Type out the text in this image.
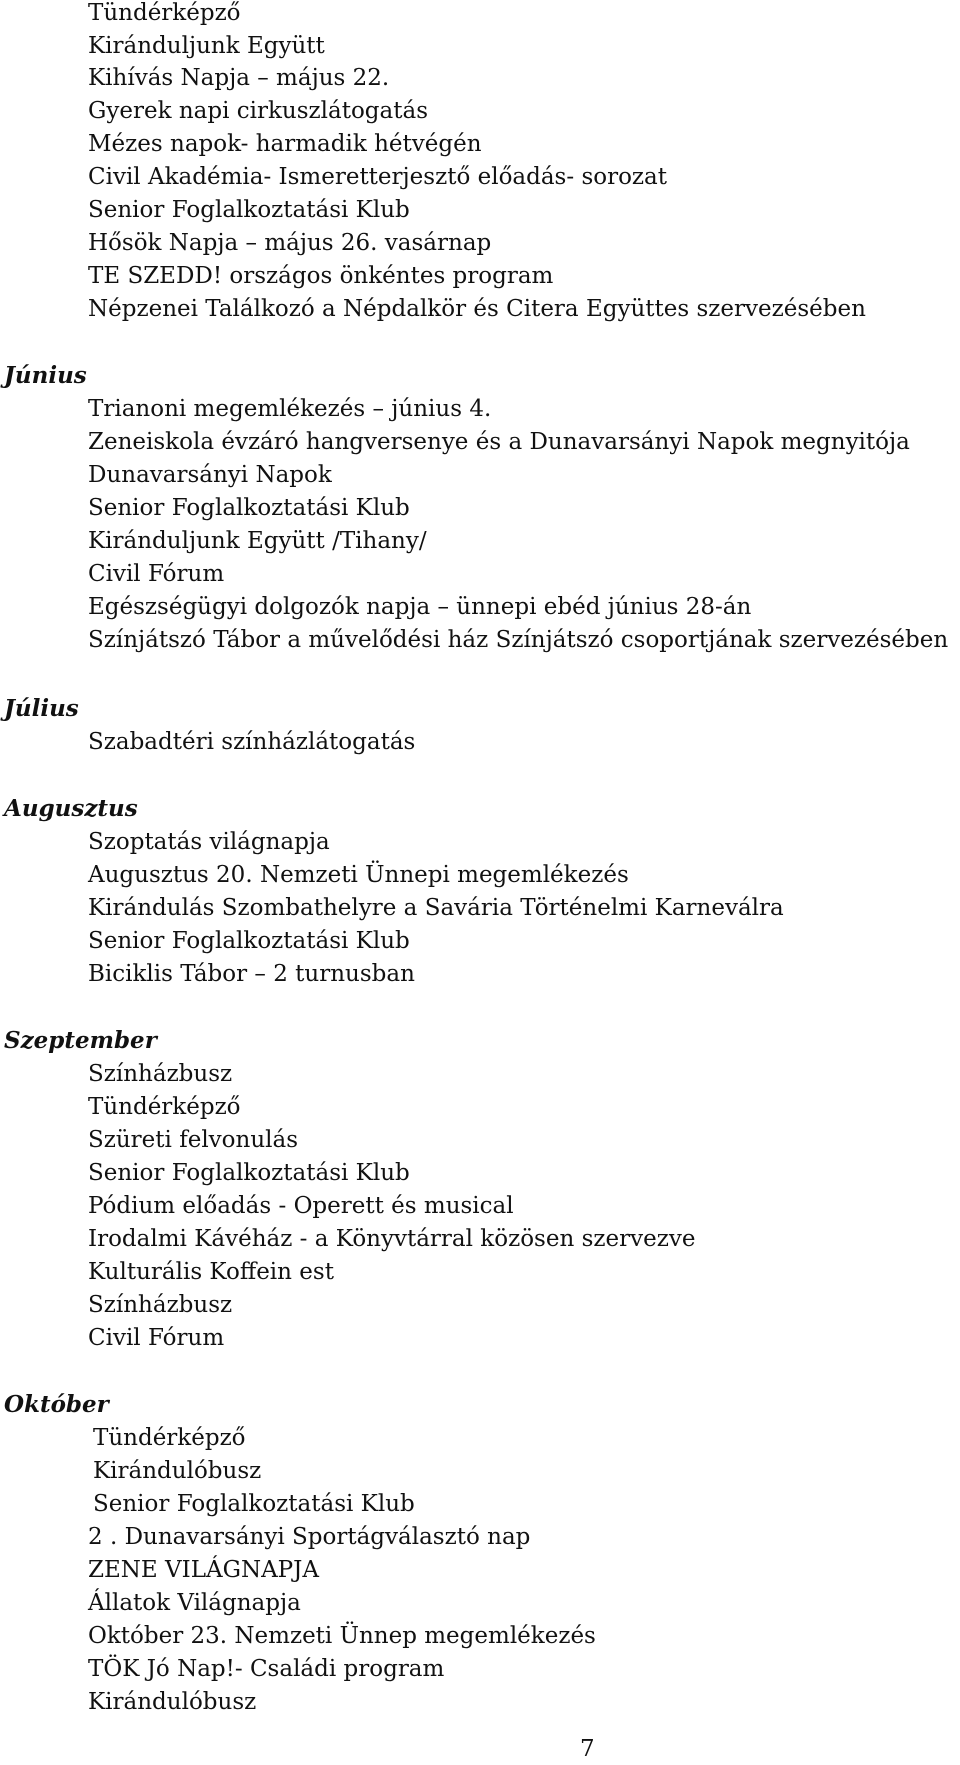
Tündérképző
Kiránduljunk Együtt
Kihívás Napja – május 22.
Gyerek napi cirkuszlátogatás
Mézes napok- harmadik hétvégén
Civil Akadémia- Ismeretterjesztő előadás- sorozat
Senior Foglalkoztatási Klub
Hősök Napja – május 26. vasárnap
TE SZEDD! országos önkéntes program
Népzenei Találkozó a Népdalkör és Citera Együttes szervezésében
Június
Trianoni megemlékezés – június 4.
Zeneiskola évzáró hangversenye és a Dunavarsányi Napok megnyitója
Dunavarsányi Napok
Senior Foglalkoztatási Klub
Kiránduljunk Együtt /Tihany/
Civil Fórum
Egészségügyi dolgozók napja – ünnepi ebéd június 28-án
Színjátszó Tábor a művelődési ház Színjátszó csoportjának szervezésében
Július
Szabadtéri színházlátogatás
Augusztus
Szoptatás világnapja
Augusztus 20. Nemzeti Ünnepi megemlékezés
Kirándulás Szombathelyre a Savária Történelmi Karneválra
Senior Foglalkoztatási Klub
Biciklis Tábor – 2 turnusban
Szeptember
Színházbusz
Tündérképző
Szüreti felvonulás
Senior Foglalkoztatási Klub
Pódium előadás - Operett és musical
Irodalmi Kávéház - a Könyvtárral közösen szervezve
Kulturális Koffein est
Színházbusz
Civil Fórum
Október
Tündérképző
Kirándulóbusz
Senior Foglalkoztatási Klub
2 . Dunavarsányi Sportágválasztó nap
ZENE VILÁGNAPJA
Állatok Világnapja
Október 23. Nemzeti Ünnep megemlékezés
TÖK Jó Nap!- Családi program
Kirándulóbusz
7
